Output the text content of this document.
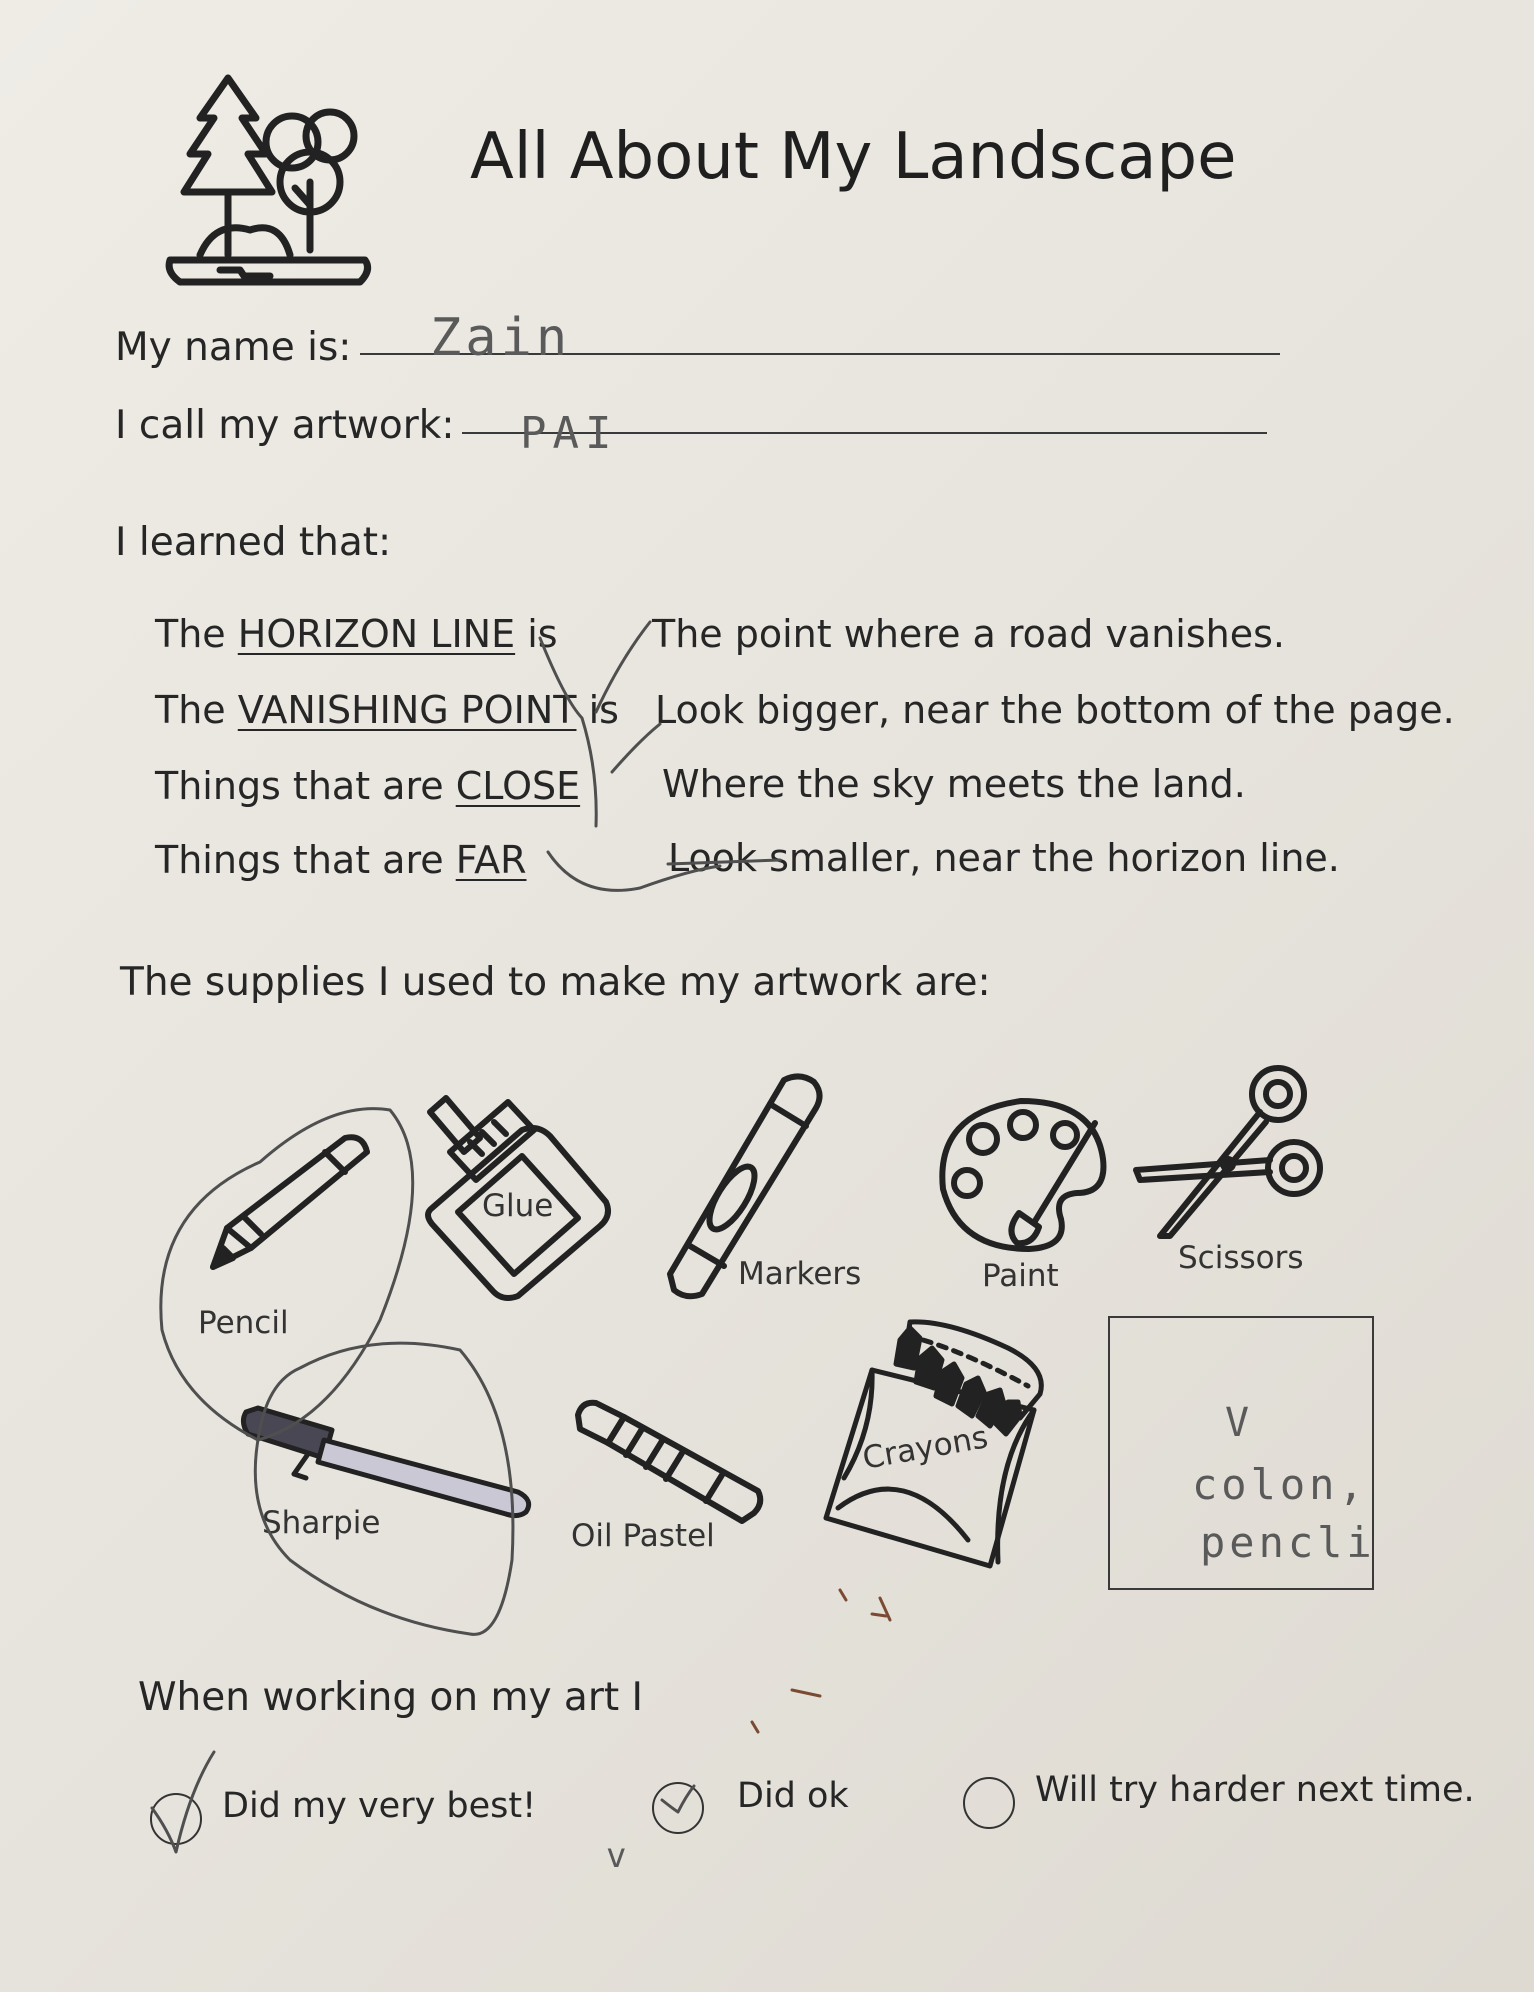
All About My Landscape
My name is: Zain
I call my artwork: PAI
I learned that:
The HORIZON LINE is The point where a road vanishes.
The VANISHING POINT is Look bigger, near the bottom of the page.
Things that are CLOSE Where the sky meets the land.
Things that are FAR	Look smaller, near the horizon line.
The supplies I used to make my artwork are:
Pencil
Glue
Markers	Paint	Scissors
Sharpie	Oil Pastel
Crayons	V
colon,
pencli
When working on my art I
Did my very best!	Did ok	Will try harder next time.
v
